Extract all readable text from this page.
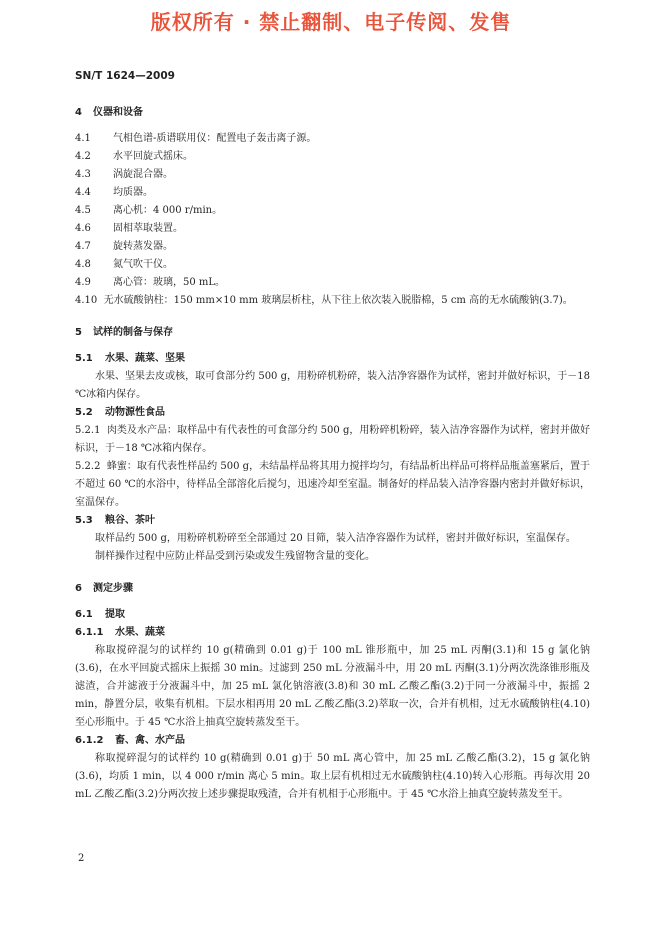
版权所有 · 禁止翻制、电子传阅、发售
SN/T 1624—2009
4 仪器和设备
4.1 气相色谱-质谱联用仪：配置电子轰击离子源。
4.2 水平回旋式摇床。
4.3 涡旋混合器。
4.4 均质器。
4.5 离心机：4 000 r/min。
4.6 固相萃取装置。
4.7 旋转蒸发器。
4.8 氮气吹干仪。
4.9 离心管：玻璃，50 mL。
4.10 无水硫酸钠柱：150 mm×10 mm 玻璃层析柱，从下往上依次装入脱脂棉，5 cm 高的无水硫酸钠(3.7)。
5 试样的制备与保存
5.1 水果、蔬菜、坚果
水果、坚果去皮或核，取可食部分约 500 g，用粉碎机粉碎，装入洁净容器作为试样，密封并做好标识，于－18 ℃冰箱内保存。
5.2 动物源性食品
5.2.1 肉类及水产品：取样品中有代表性的可食部分约 500 g，用粉碎机粉碎，装入洁净容器作为试样，密封并做好标识，于－18 ℃冰箱内保存。
5.2.2 蜂蜜：取有代表性样品约 500 g，未结晶样品将其用力搅拌均匀，有结晶析出样品可将样品瓶盖塞紧后，置于不超过 60 ℃的水浴中，待样品全部溶化后搅匀，迅速冷却至室温。制备好的样品装入洁净容器内密封并做好标识，室温保存。
5.3 粮谷、茶叶
取样品约 500 g，用粉碎机粉碎至全部通过 20 目筛，装入洁净容器作为试样，密封并做好标识，室温保存。
制样操作过程中应防止样品受到污染或发生残留物含量的变化。
6 测定步骤
6.1 提取
6.1.1 水果、蔬菜
称取搅碎混匀的试样约 10 g(精确到 0.01 g)于 100 mL 锥形瓶中，加 25 mL 丙酮(3.1)和 15 g 氯化钠(3.6)，在水平回旋式摇床上振摇 30 min。过滤到 250 mL 分液漏斗中，用 20 mL 丙酮(3.1)分两次洗涤锥形瓶及滤渣，合并滤液于分液漏斗中，加 25 mL 氯化钠溶液(3.8)和 30 mL 乙酸乙酯(3.2)于同一分液漏斗中，振摇 2 min，静置分层，收集有机相。下层水相再用 20 mL 乙酸乙酯(3.2)萃取一次，合并有机相，过无水硫酸钠柱(4.10)至心形瓶中。于 45 ℃水浴上抽真空旋转蒸发至干。
6.1.2 畜、禽、水产品
称取搅碎混匀的试样约 10 g(精确到 0.01 g)于 50 mL 离心管中，加 25 mL 乙酸乙酯(3.2)，15 g 氯化钠(3.6)，均质 1 min，以 4 000 r/min 离心 5 min。取上层有机相过无水硫酸钠柱(4.10)转入心形瓶。再每次用 20 mL 乙酸乙酯(3.2)分两次按上述步骤提取残渣，合并有机相于心形瓶中。于 45 ℃水浴上抽真空旋转蒸发至干。
2
